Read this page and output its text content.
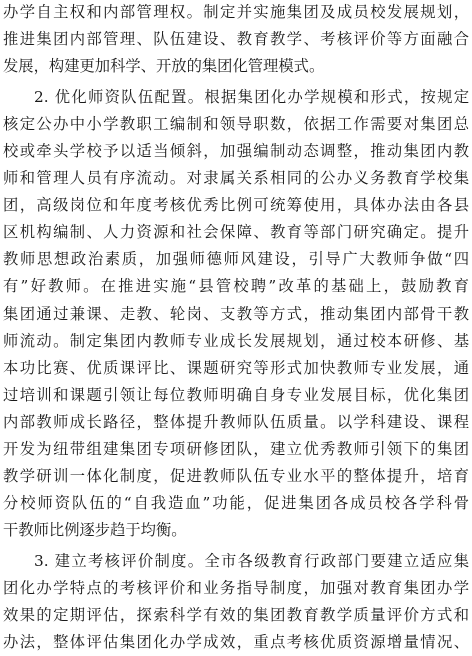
办学自主权和内部管理权。制定并实施集团及成员校发展规划，
推进集团内部管理、队伍建设、教育教学、考核评价等方面融合
发展，构建更加科学、开放的集团化管理模式。
2. 优化师资队伍配置。根据集团化办学规模和形式，按规定
核定公办中小学教职工编制和领导职数，依据工作需要对集团总
校或牵头学校予以适当倾斜，加强编制动态调整，推动集团内教
师和管理人员有序流动。对隶属关系相同的公办义务教育学校集
团，高级岗位和年度考核优秀比例可统筹使用，具体办法由各县
区机构编制、人力资源和社会保障、教育等部门研究确定。提升
教师思想政治素质，加强师德师风建设，引导广大教师争做“四
有”好教师。在推进实施“县管校聘”改革的基础上，鼓励教育
集团通过兼课、走教、轮岗、支教等方式，推动集团内部骨干教
师流动。制定集团内教师专业成长发展规划，通过校本研修、基
本功比赛、优质课评比、课题研究等形式加快教师专业发展，通
过培训和课题引领让每位教师明确自身专业发展目标，优化集团
内部教师成长路径，整体提升教师队伍质量。以学科建设、课程
开发为纽带组建集团专项研修团队，建立优秀教师引领下的集团
教学研训一体化制度，促进教师队伍专业水平的整体提升，培育
分校师资队伍的“自我造血”功能，促进集团各成员校各学科骨
干教师比例逐步趋于均衡。
3. 建立考核评价制度。全市各级教育行政部门要建立适应集
团化办学特点的考核评价和业务指导制度，加强对教育集团办学
效果的定期评估，探索科学有效的集团教育教学质量评价方式和
办法，整体评估集团化办学成效，重点考核优质资源增量情况、
